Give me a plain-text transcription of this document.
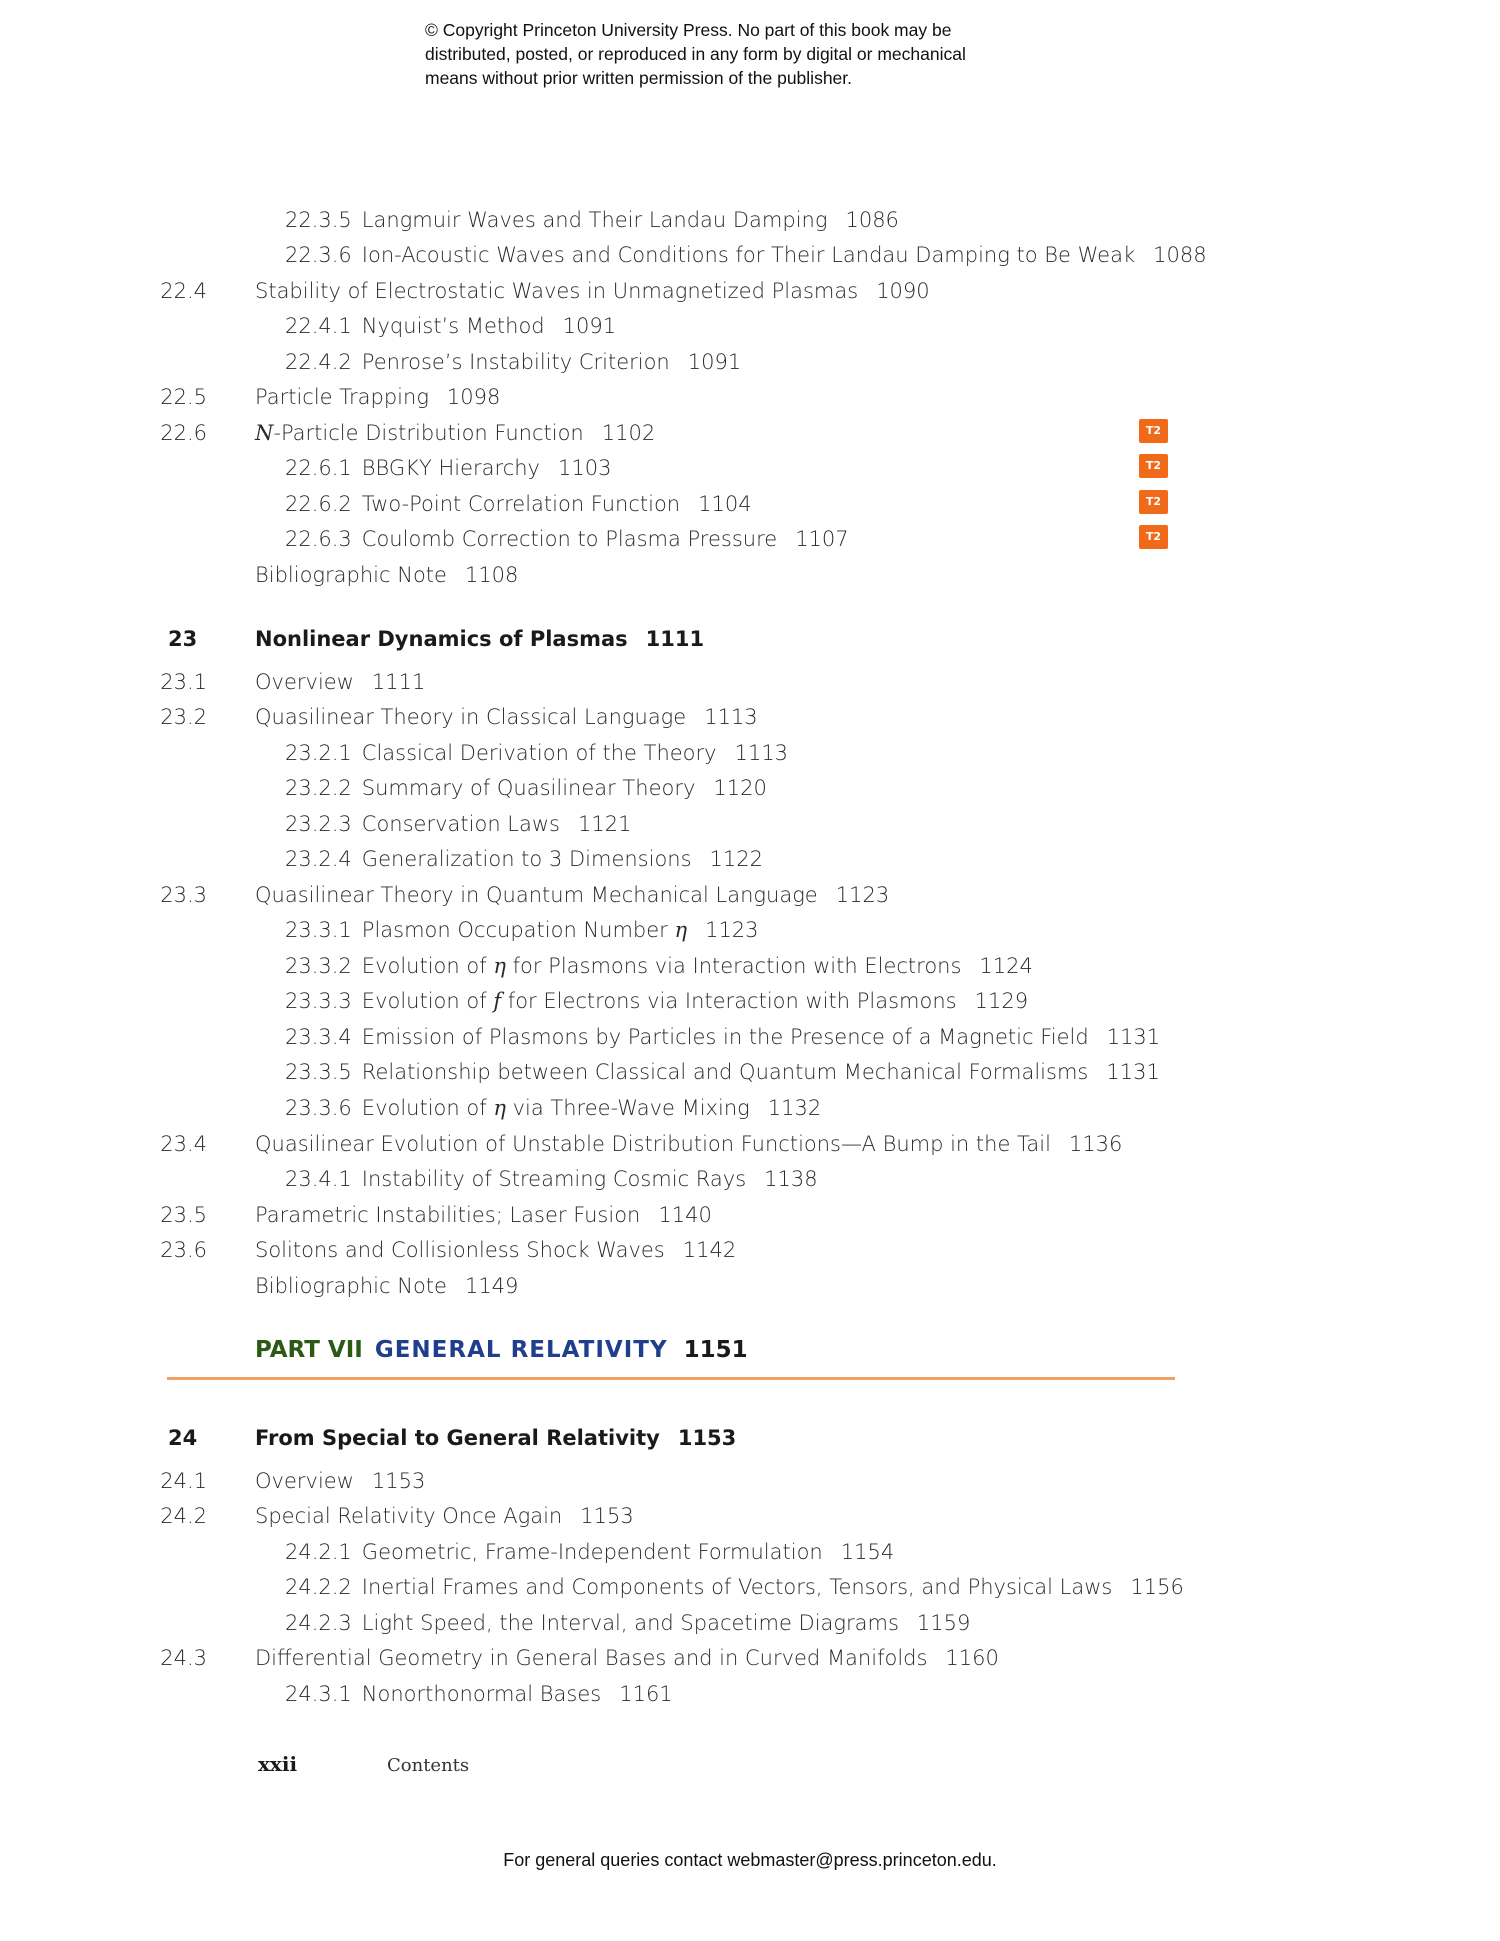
© Copyright Princeton University Press. No part of this book may be
distributed, posted, or reproduced in any form by digital or mechanical
means without prior written permission of the publisher.
22.3.5 Langmuir Waves and Their Landau Damping 1086
22.3.6 Ion-Acoustic Waves and Conditions for Their Landau Damping to Be Weak 1088
22.4 Stability of Electrostatic Waves in Unmagnetized Plasmas 1090
22.4.1 Nyquist’s Method 1091
22.4.2 Penrose’s Instability Criterion 1091
22.5 Particle Trapping 1098
22.6 N-Particle Distribution Function 1102	T2
22.6.1 BBGKY Hierarchy 1103	T2
22.6.2 Two-Point Correlation Function 1104	T2
22.6.3 Coulomb Correction to Plasma Pressure 1107	T2
Bibliographic Note 1108
23	Nonlinear Dynamics of Plasmas 1111
23.1 Overview 1111
23.2 Quasilinear Theory in Classical Language 1113
23.2.1 Classical Derivation of the Theory 1113
23.2.2 Summary of Quasilinear Theory 1120
23.2.3 Conservation Laws 1121
23.2.4 Generalization to 3 Dimensions 1122
23.3 Quasilinear Theory in Quantum Mechanical Language 1123
23.3.1 Plasmon Occupation Number η 1123
23.3.2 Evolution of η for Plasmons via Interaction with Electrons 1124
23.3.3 Evolution of f for Electrons via Interaction with Plasmons 1129
23.3.4 Emission of Plasmons by Particles in the Presence of a Magnetic Field 1131
23.3.5 Relationship between Classical and Quantum Mechanical Formalisms 1131
23.3.6 Evolution of η via Three-Wave Mixing 1132
23.4 Quasilinear Evolution of Unstable Distribution Functions—A Bump in the Tail 1136
23.4.1 Instability of Streaming Cosmic Rays 1138
23.5 Parametric Instabilities; Laser Fusion 1140
23.6 Solitons and Collisionless Shock Waves 1142
Bibliographic Note 1149
PART VII GENERAL RELATIVITY 1151
24	From Special to General Relativity 1153
24.1 Overview 1153
24.2 Special Relativity Once Again 1153
24.2.1 Geometric, Frame-Independent Formulation 1154
24.2.2 Inertial Frames and Components of Vectors, Tensors, and Physical Laws 1156
24.2.3 Light Speed, the Interval, and Spacetime Diagrams 1159
24.3 Differential Geometry in General Bases and in Curved Manifolds 1160
24.3.1 Nonorthonormal Bases 1161
xxii	Contents
For general queries contact webmaster@press.princeton.edu.
